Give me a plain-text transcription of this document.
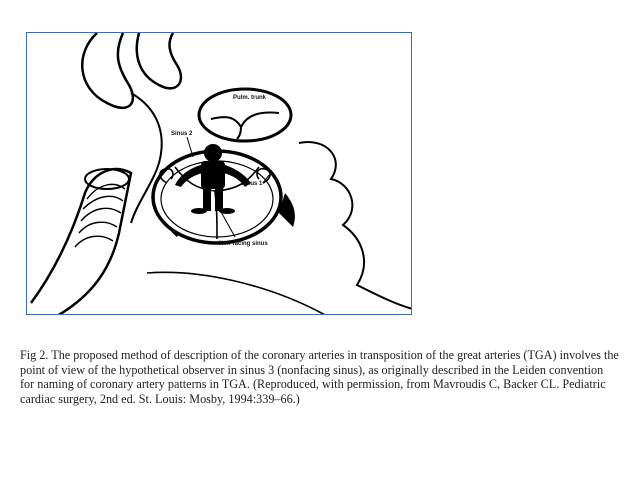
Pulm. trunk
Sinus 2
Sinus 1
Non-facing sinus

Fig 2. The proposed method of description of the coronary arteries in transposition of the great arteries (TGA) involves the point of view of the hypothetical observer in sinus 3 (nonfacing sinus), as originally described in the Leiden convention for naming of coronary artery patterns in TGA. (Reproduced, with permission, from Mavroudis C, Backer CL. Pediatric cardiac surgery, 2nd ed. St. Louis: Mosby, 1994:339–66.)
